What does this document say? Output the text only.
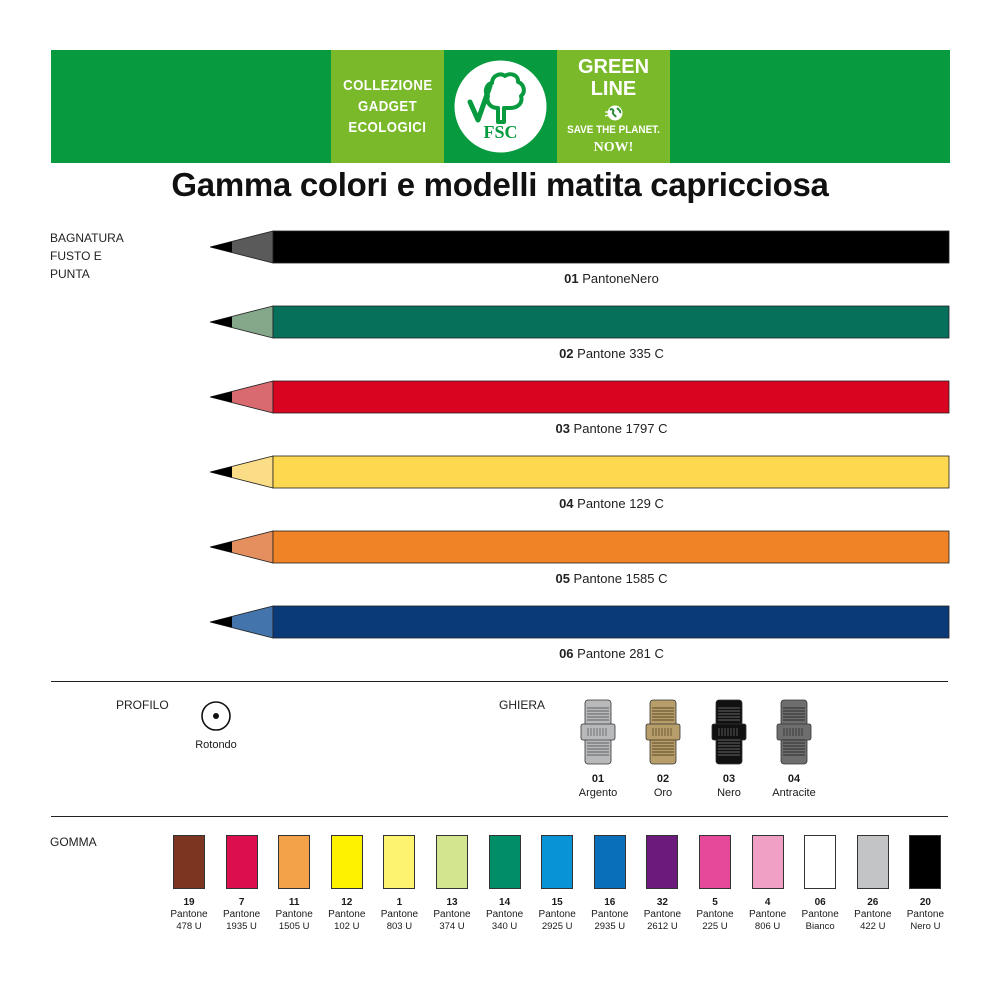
COLLEZIONE
GADGET
ECOLOGICI	FSC
GREEN
LINE
SAVE THE PLANET.
NOW!
Gamma colori e modelli matita capricciosa
BAGNATURA
FUSTO E
PUNTA	01 PantoneNero
02 Pantone 335 C
03 Pantone 1797 C
04 Pantone 129 C
05 Pantone 1585 C
06 Pantone 281 C
PROFILO
Rotondo
GHIERA
01
Argento
02
Oro
03
Nero
04
Antracite
GOMMA
19
Pantone
478 U
7
Pantone
1935 U
11
Pantone
1505 U
12
Pantone
102 U
1
Pantone
803 U
13
Pantone
374 U
14
Pantone
340 U
15
Pantone
2925 U
16
Pantone
2935 U
32
Pantone
2612 U
5
Pantone
225 U
4
Pantone
806 U
06
Pantone
Bianco
26
Pantone
422 U
20
Pantone
Nero U
